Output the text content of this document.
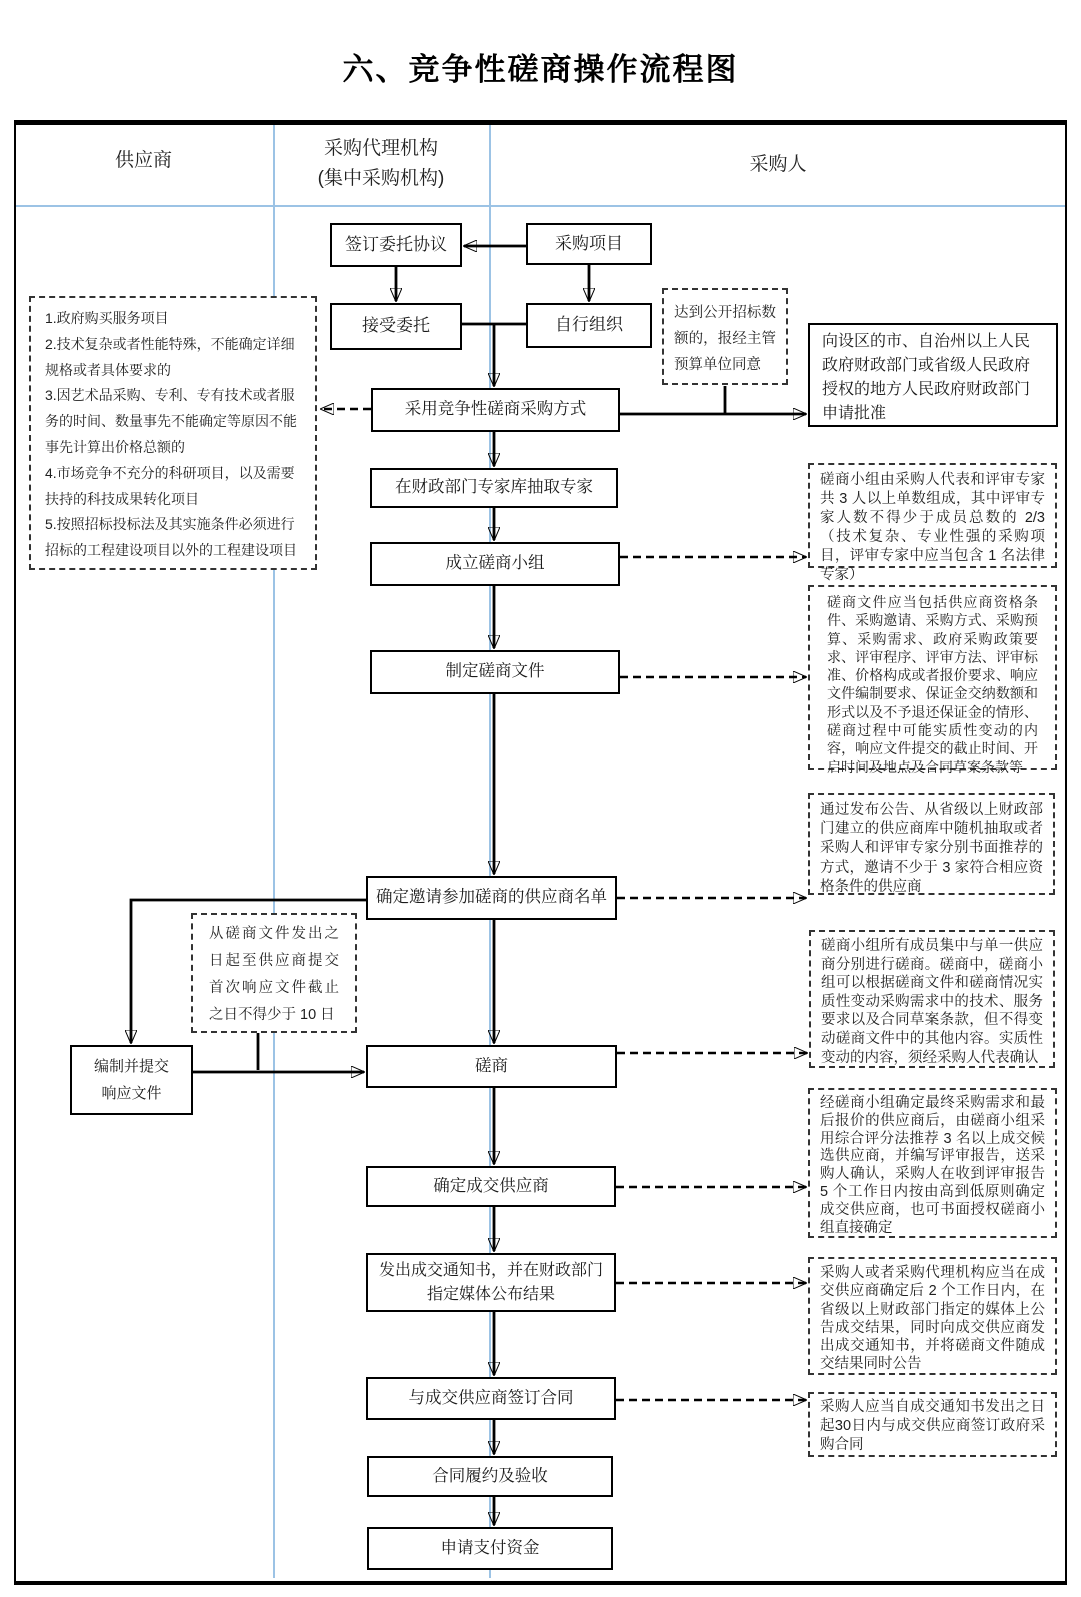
六、竞争性磋商操作流程图
供应商
采购代理机构
(集中采购机构)
采购人
签订委托协议	采购项目
接受委托	自行组织
采用竞争性磋商采购方式
在财政部门专家库抽取专家
成立磋商小组
制定磋商文件
确定邀请参加磋商的供应商名单
磋商
确定成交供应商
发出成交通知书，并在财政部门指定媒体公布结果
与成交供应商签订合同
合同履约及验收
申请支付资金
编制并提交响应文件
向设区的市、自治州以上人民政府财政部门或省级人民政府授权的地方人民政府财政部门申请批准
1.政府购买服务项目
2.技术复杂或者性能特殊，不能确定详细规格或者具体要求的
3.因艺术品采购、专利、专有技术或者服务的时间、数量事先不能确定等原因不能事先计算出价格总额的
4.市场竞争不充分的科研项目，以及需要扶持的科技成果转化项目
5.按照招标投标法及其实施条件必须进行招标的工程建设项目以外的工程建设项目
达到公开招标数额的，报经主管预算单位同意
磋商小组由采购人代表和评审专家共 3 人以上单数组成，其中评审专家人数不得少于成员总数的 2/3（技术复杂、专业性强的采购项目，评审专家中应当包含 1 名法律专家）
磋商文件应当包括供应商资格条件、采购邀请、采购方式、采购预算、采购需求、政府采购政策要求、评审程序、评审方法、评审标准、价格构成或者报价要求、响应文件编制要求、保证金交纳数额和形式以及不予退还保证金的情形、磋商过程中可能实质性变动的内容，响应文件提交的截止时间、开启时间及地点及合同草案条款等
通过发布公告、从省级以上财政部门建立的供应商库中随机抽取或者采购人和评审专家分别书面推荐的方式，邀请不少于 3 家符合相应资格条件的供应商
从磋商文件发出之日起至供应商提交首次响应文件截止之日不得少于 10 日
磋商小组所有成员集中与单一供应商分别进行磋商。磋商中，磋商小组可以根据磋商文件和磋商情况实质性变动采购需求中的技术、服务要求以及合同草案条款，但不得变动磋商文件中的其他内容。实质性变动的内容，须经采购人代表确认
经磋商小组确定最终采购需求和最后报价的供应商后，由磋商小组采用综合评分法推荐 3 名以上成交候选供应商，并编写评审报告，送采购人确认，采购人在收到评审报告 5 个工作日内按由高到低原则确定成交供应商，也可书面授权磋商小组直接确定
采购人或者采购代理机构应当在成交供应商确定后 2 个工作日内，在省级以上财政部门指定的媒体上公告成交结果，同时向成交供应商发出成交通知书，并将磋商文件随成交结果同时公告
采购人应当自成交通知书发出之日起30日内与成交供应商签订政府采购合同
